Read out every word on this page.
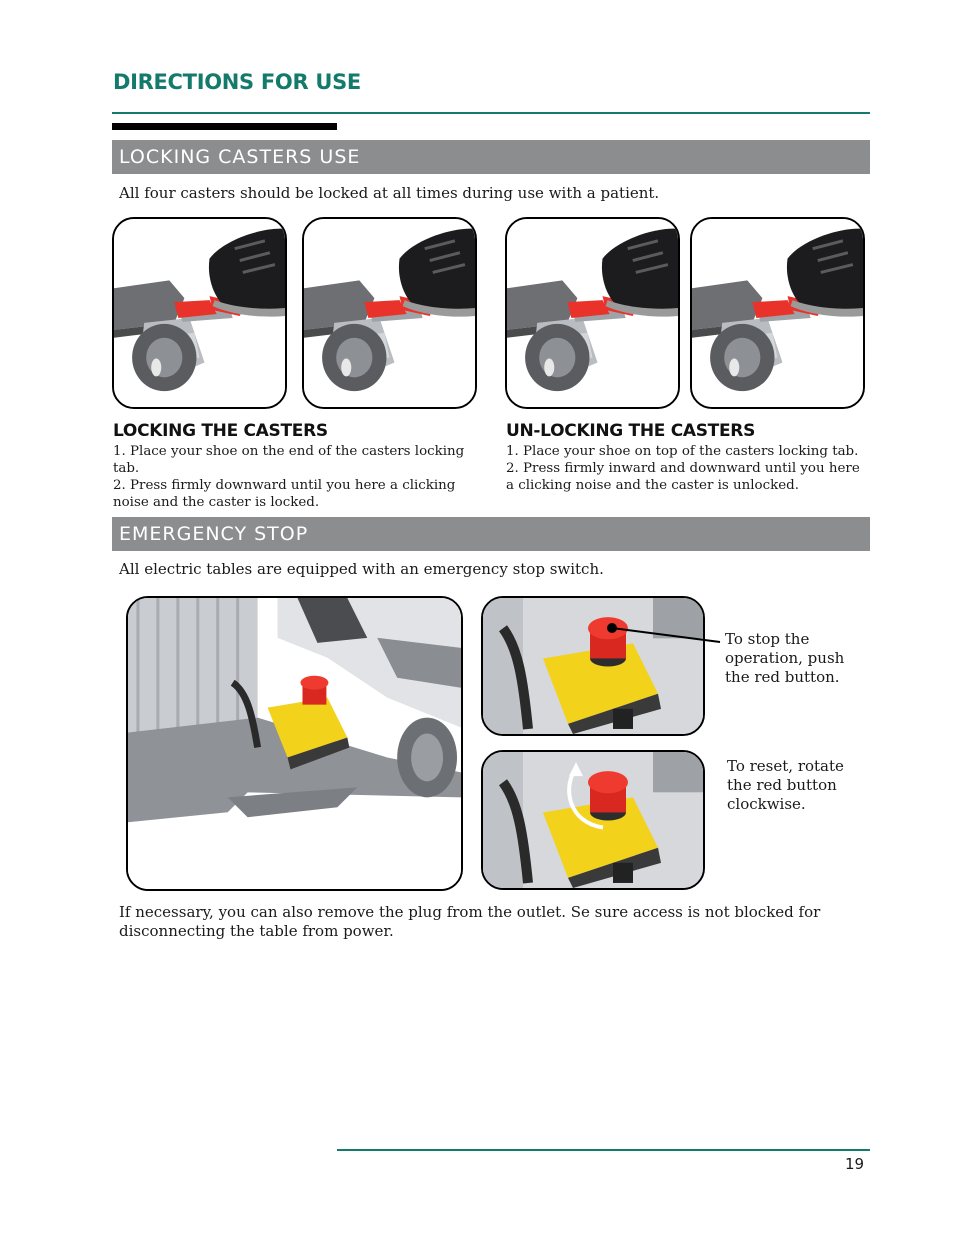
DIRECTIONS FOR USE
LOCKING CASTERS USE
All four casters should be locked at all times during use with a patient.
LOCKING THE CASTERS

1. Place your shoe on the end of the casters locking tab.

2. Press firmly downward until you here a clicking noise and the caster is locked.

UN-LOCKING THE CASTERS

1. Place your shoe on top of the casters locking tab.

2. Press firmly inward and downward until you here a clicking noise and the caster is unlocked.

EMERGENCY STOP
All electric tables are equipped with an emergency stop switch.
To stop the operation, push the red button.
To reset, rotate the red button clockwise.
If necessary, you can also remove the plug from the outlet. Se sure access is not blocked for disconnecting the table from power.
19
